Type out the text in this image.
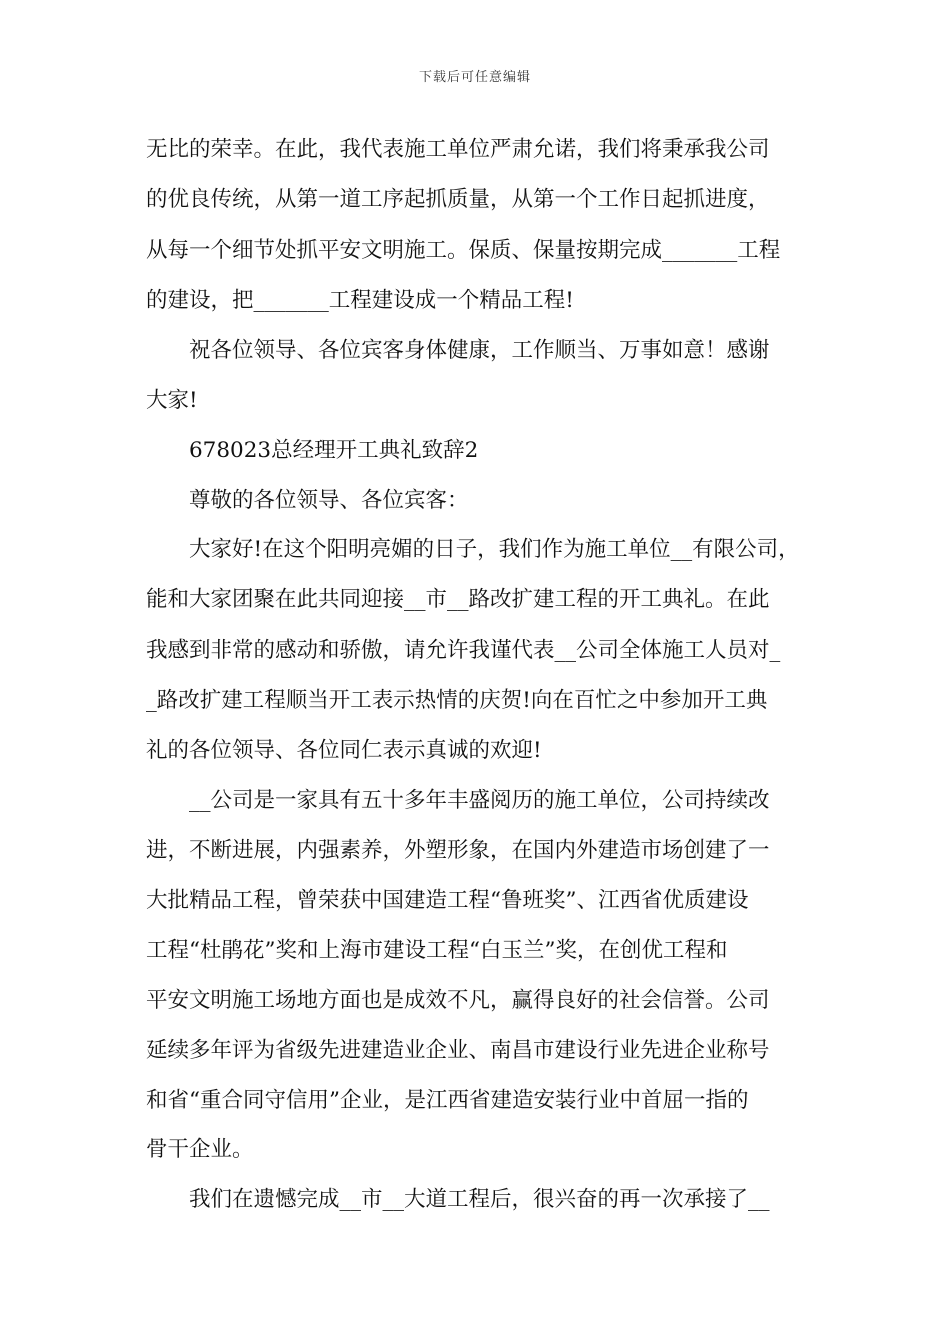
下载后可任意编辑
无比的荣幸。在此，我代表施工单位严肃允诺，我们将秉承我公司
的优良传统，从第一道工序起抓质量，从第一个工作日起抓进度，
从每一个细节处抓平安文明施工。保质、保量按期完成_______工程
的建设，把_______工程建设成一个精品工程!
祝各位领导、各位宾客身体健康，工作顺当、万事如意！感谢
大家!
678023总经理开工典礼致辞2
尊敬的各位领导、各位宾客：
大家好!在这个阳明亮媚的日子，我们作为施工单位__有限公司，
能和大家团聚在此共同迎接__市__路改扩建工程的开工典礼。在此
我感到非常的感动和骄傲，请允许我谨代表__公司全体施工人员对_
_路改扩建工程顺当开工表示热情的庆贺!向在百忙之中参加开工典
礼的各位领导、各位同仁表示真诚的欢迎!
__公司是一家具有五十多年丰盛阅历的施工单位，公司持续改
进，不断进展，内强素养，外塑形象，在国内外建造市场创建了一
大批精品工程，曾荣获中国建造工程“鲁班奖”、江西省优质建设
工程“杜鹃花”奖和上海市建设工程“白玉兰”奖，在创优工程和
平安文明施工场地方面也是成效不凡，赢得良好的社会信誉。公司
延续多年评为省级先进建造业企业、南昌市建设行业先进企业称号
和省“重合同守信用”企业，是江西省建造安装行业中首屈一指的
骨干企业。
我们在遗憾完成__市__大道工程后，很兴奋的再一次承接了__
